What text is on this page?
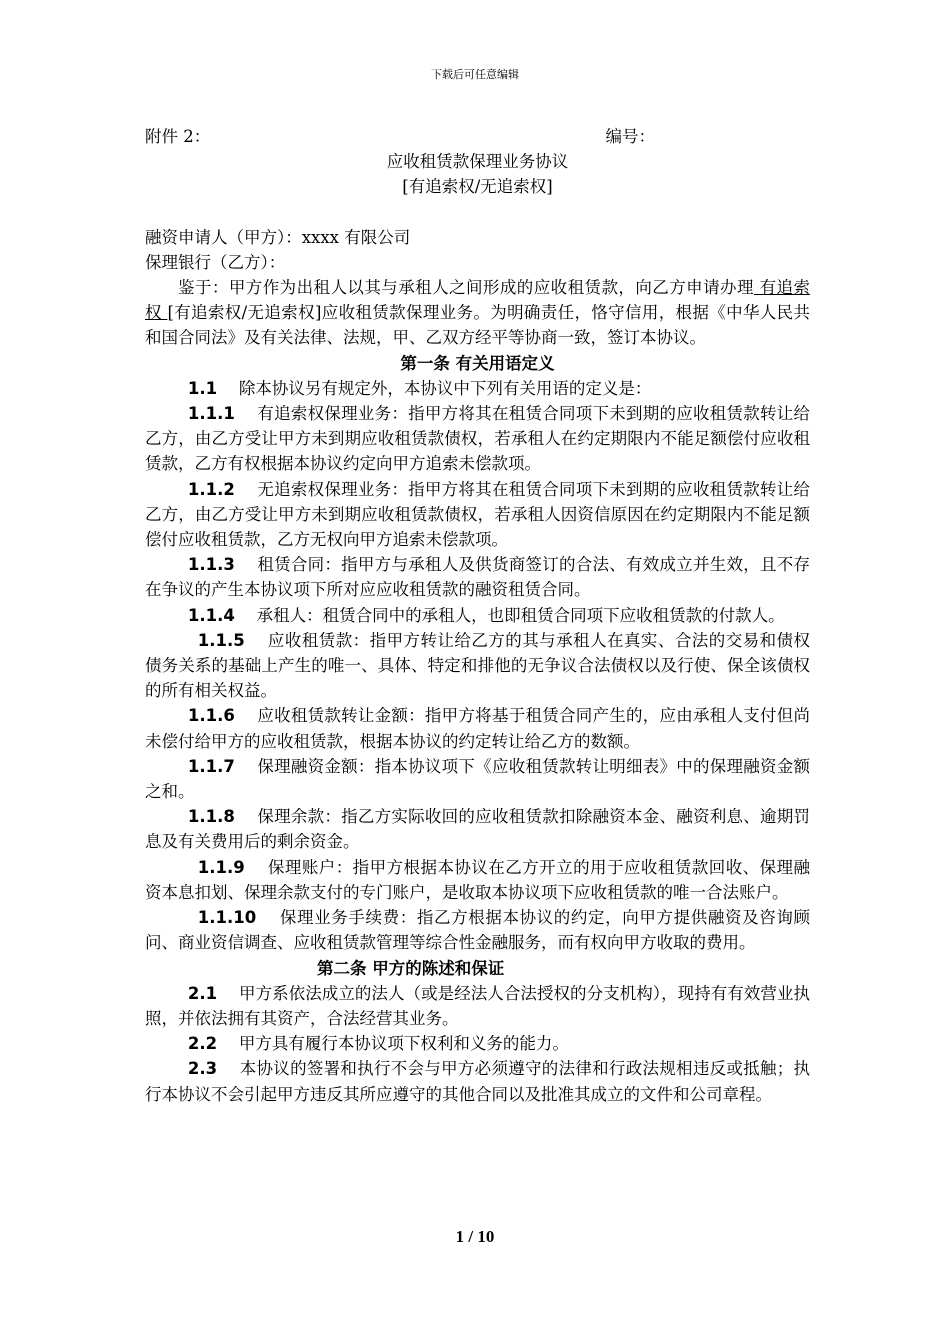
下载后可任意编辑
附件 2：	编号：
应收租赁款保理业务协议
[有追索权/无追索权]

融资申请人（甲方）：xxxx 有限公司

保理银行（乙方）：

鉴于：甲方作为出租人以其与承租人之间形成的应收租赁款，向乙方申请办理 有追索权 [有追索权/无追索权]应收租赁款保理业务。为明确责任，恪守信用，根据《中华人民共和国合同法》及有关法律、法规，甲、乙双方经平等协商一致，签订本协议。

第一条 有关用语定义

1.1　 除本协议另有规定外，本协议中下列有关用语的定义是：

1.1.1　 有追索权保理业务：指甲方将其在租赁合同项下未到期的应收租赁款转让给乙方，由乙方受让甲方未到期应收租赁款债权，若承租人在约定期限内不能足额偿付应收租赁款，乙方有权根据本协议约定向甲方追索未偿款项。

1.1.2　 无追索权保理业务：指甲方将其在租赁合同项下未到期的应收租赁款转让给乙方，由乙方受让甲方未到期应收租赁款债权，若承租人因资信原因在约定期限内不能足额偿付应收租赁款，乙方无权向甲方追索未偿款项。

1.1.3　 租赁合同：指甲方与承租人及供货商签订的合法、有效成立并生效，且不存在争议的产生本协议项下所对应应收租赁款的融资租赁合同。

1.1.4　 承租人：租赁合同中的承租人，也即租赁合同项下应收租赁款的付款人。

1.1.5　 应收租赁款：指甲方转让给乙方的其与承租人在真实、合法的交易和债权债务关系的基础上产生的唯一、具体、特定和排他的无争议合法债权以及行使、保全该债权的所有相关权益。

1.1.6　 应收租赁款转让金额：指甲方将基于租赁合同产生的，应由承租人支付但尚未偿付给甲方的应收租赁款，根据本协议的约定转让给乙方的数额。

1.1.7　 保理融资金额：指本协议项下《应收租赁款转让明细表》中的保理融资金额之和。

1.1.8　 保理余款：指乙方实际收回的应收租赁款扣除融资本金、融资利息、逾期罚息及有关费用后的剩余资金。

1.1.9　 保理账户：指甲方根据本协议在乙方开立的用于应收租赁款回收、保理融资本息扣划、保理余款支付的专门账户，是收取本协议项下应收租赁款的唯一合法账户。

1.1.10　 保理业务手续费：指乙方根据本协议的约定，向甲方提供融资及咨询顾问、商业资信调查、应收租赁款管理等综合性金融服务，而有权向甲方收取的费用。

第二条 甲方的陈述和保证

2.1　 甲方系依法成立的法人（或是经法人合法授权的分支机构），现持有有效营业执照，并依法拥有其资产，合法经营其业务。

2.2　 甲方具有履行本协议项下权利和义务的能力。

2.3　 本协议的签署和执行不会与甲方必须遵守的法律和行政法规相违反或抵触；执行本协议不会引起甲方违反其所应遵守的其他合同以及批准其成立的文件和公司章程。

1 / 10
